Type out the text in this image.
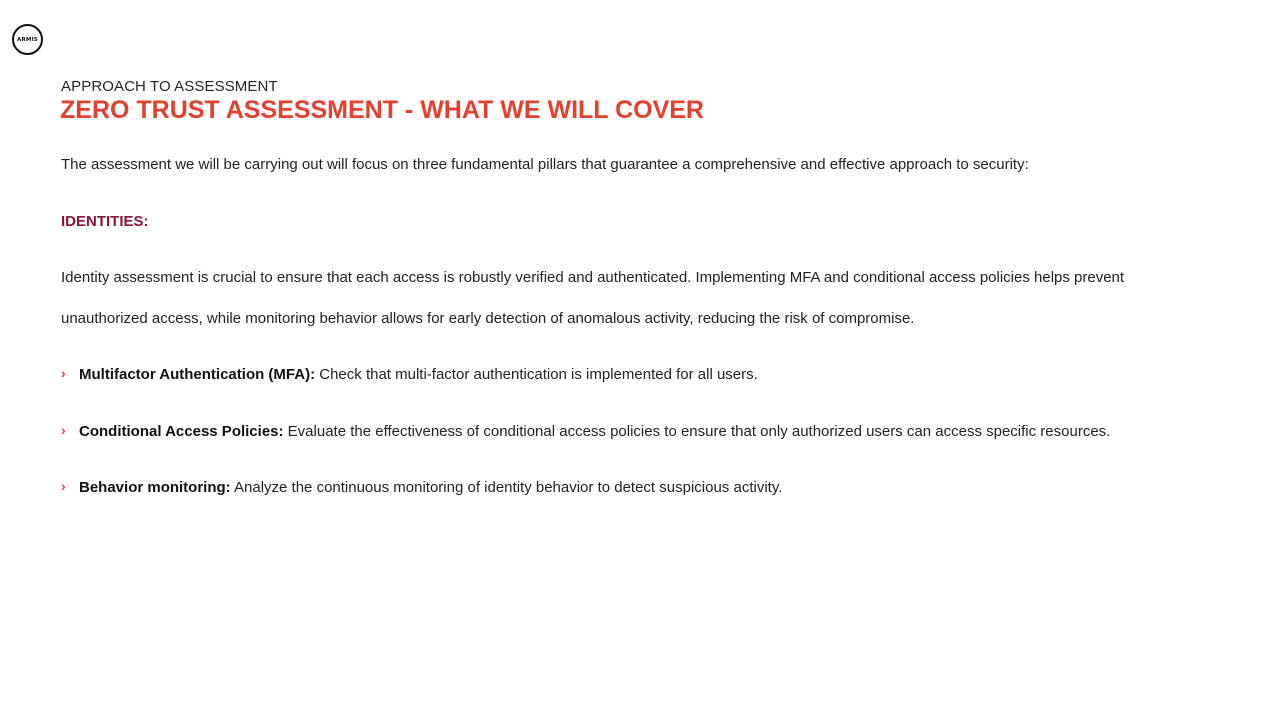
ARMIS
APPROACH TO ASSESSMENT
ZERO TRUST ASSESSMENT - WHAT WE WILL COVER
The assessment we will be carrying out will focus on three fundamental pillars that guarantee a comprehensive and effective approach to security:
IDENTITIES:
Identity assessment is crucial to ensure that each access is robustly verified and authenticated. Implementing MFA and conditional access policies helps prevent unauthorized access, while monitoring behavior allows for early detection of anomalous activity, reducing the risk of compromise.
› Multifactor Authentication (MFA): Check that multi-factor authentication is implemented for all users.
› Conditional Access Policies: Evaluate the effectiveness of conditional access policies to ensure that only authorized users can access specific resources.
› Behavior monitoring: Analyze the continuous monitoring of identity behavior to detect suspicious activity.
